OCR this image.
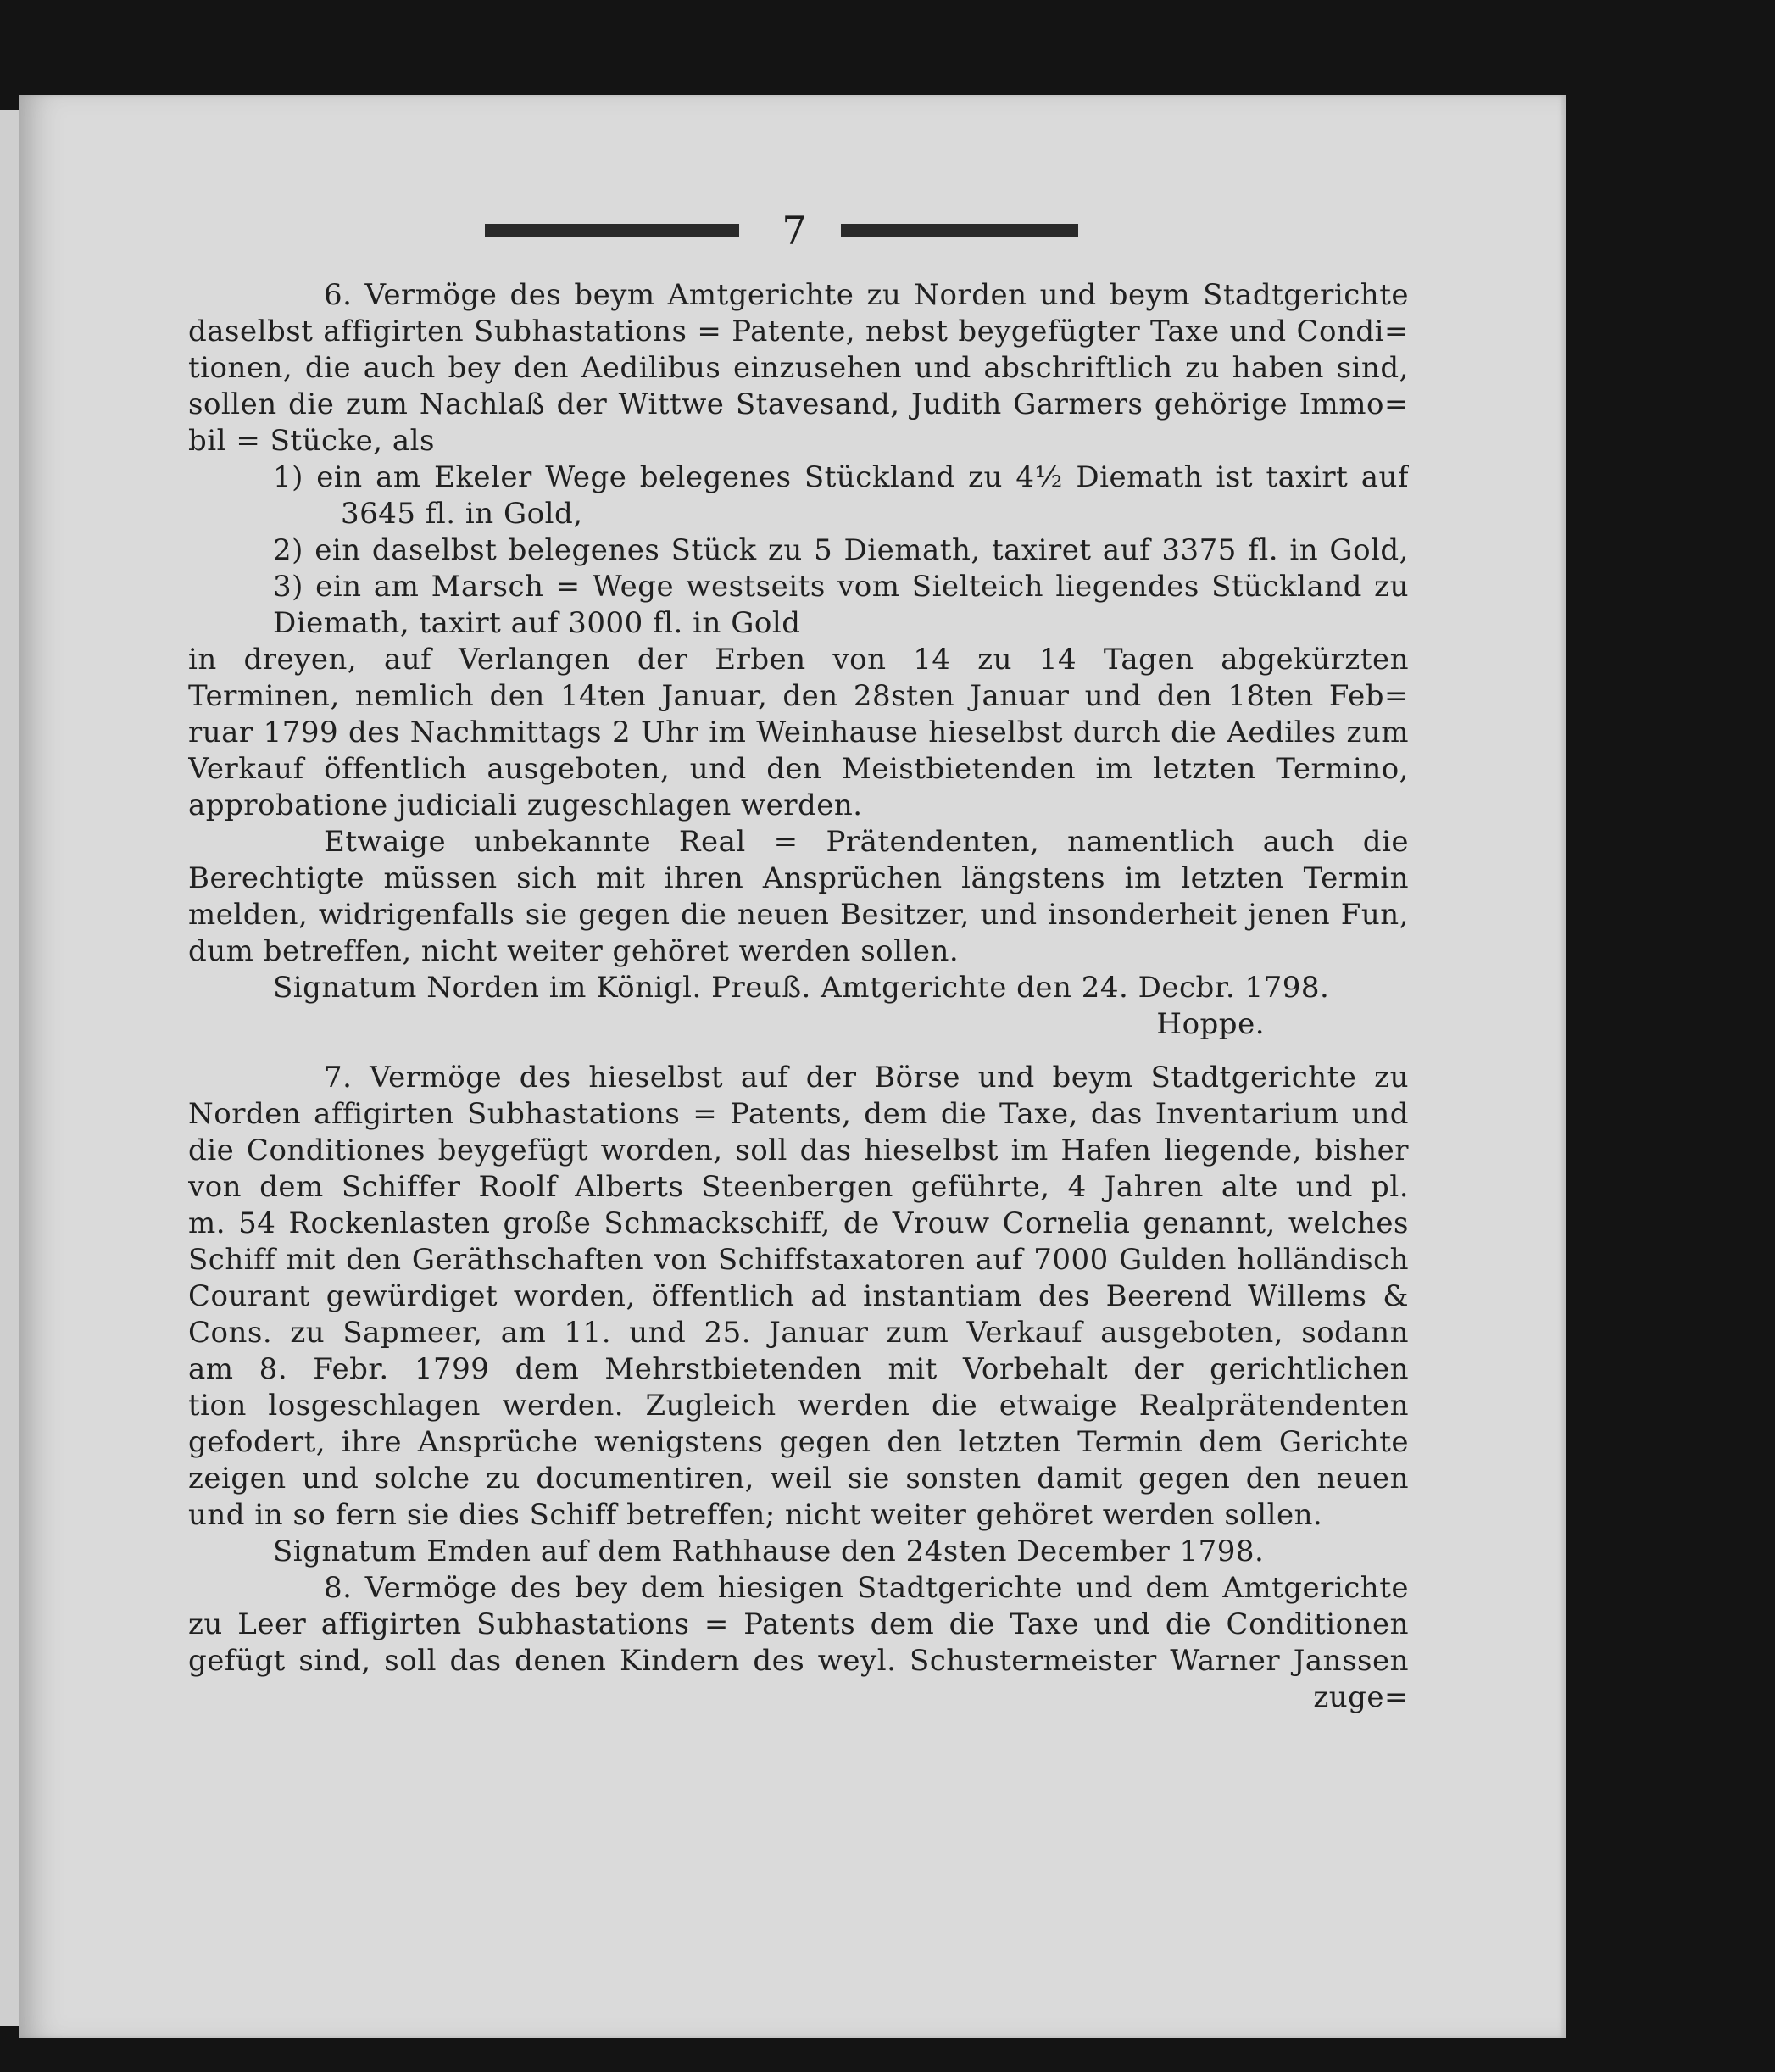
7
6. Vermöge des beym Amtgerichte zu Norden und beym Stadtgerichte
daselbst affigirten Subhastations = Patente, nebst beygefügter Taxe und Condi=
tionen, die auch bey den Aedilibus einzusehen und abschriftlich zu haben sind,
sollen die zum Nachlaß der Wittwe Stavesand, Judith Garmers gehörige Immo=
bil = Stücke, als
1) ein am Ekeler Wege belegenes Stückland zu 4½ Diemath ist taxirt auf
3645 fl. in Gold,
2) ein daselbst belegenes Stück zu 5 Diemath, taxiret auf 3375 fl. in Gold,
3) ein am Marsch = Wege westseits vom Sielteich liegendes Stückland zu
Diemath, taxirt auf 3000 fl. in Gold
in dreyen, auf Verlangen der Erben von 14 zu 14 Tagen abgekürzten
Terminen, nemlich den 14ten Januar, den 28sten Januar und den 18ten Feb=
ruar 1799 des Nachmittags 2 Uhr im Weinhause hieselbst durch die Aediles zum
Verkauf öffentlich ausgeboten, und den Meistbietenden im letzten Termino,
approbatione judiciali zugeschlagen werden.
Etwaige unbekannte Real = Prätendenten, namentlich auch die
Berechtigte müssen sich mit ihren Ansprüchen längstens im letzten Termin
melden, widrigenfalls sie gegen die neuen Besitzer, und insonderheit jenen Fun,
dum betreffen, nicht weiter gehöret werden sollen.
Signatum Norden im Königl. Preuß. Amtgerichte den 24. Decbr. 1798.
Hoppe.
7. Vermöge des hieselbst auf der Börse und beym Stadtgerichte zu
Norden affigirten Subhastations = Patents, dem die Taxe, das Inventarium und
die Conditiones beygefügt worden, soll das hieselbst im Hafen liegende, bisher
von dem Schiffer Roolf Alberts Steenbergen geführte, 4 Jahren alte und pl.
m. 54 Rockenlasten große Schmackschiff, de Vrouw Cornelia genannt, welches
Schiff mit den Geräthschaften von Schiffstaxatoren auf 7000 Gulden holländisch
Courant gewürdiget worden, öffentlich ad instantiam des Beerend Willems &
Cons. zu Sapmeer, am 11. und 25. Januar zum Verkauf ausgeboten, sodann
am 8. Febr. 1799 dem Mehrstbietenden mit Vorbehalt der gerichtlichen
tion losgeschlagen werden. Zugleich werden die etwaige Realprätendenten
gefodert, ihre Ansprüche wenigstens gegen den letzten Termin dem Gerichte
zeigen und solche zu documentiren, weil sie sonsten damit gegen den neuen
und in so fern sie dies Schiff betreffen; nicht weiter gehöret werden sollen.
Signatum Emden auf dem Rathhause den 24sten December 1798.
8. Vermöge des bey dem hiesigen Stadtgerichte und dem Amtgerichte
zu Leer affigirten Subhastations = Patents dem die Taxe und die Conditionen
gefügt sind, soll das denen Kindern des weyl. Schustermeister Warner Janssen
zuge=
